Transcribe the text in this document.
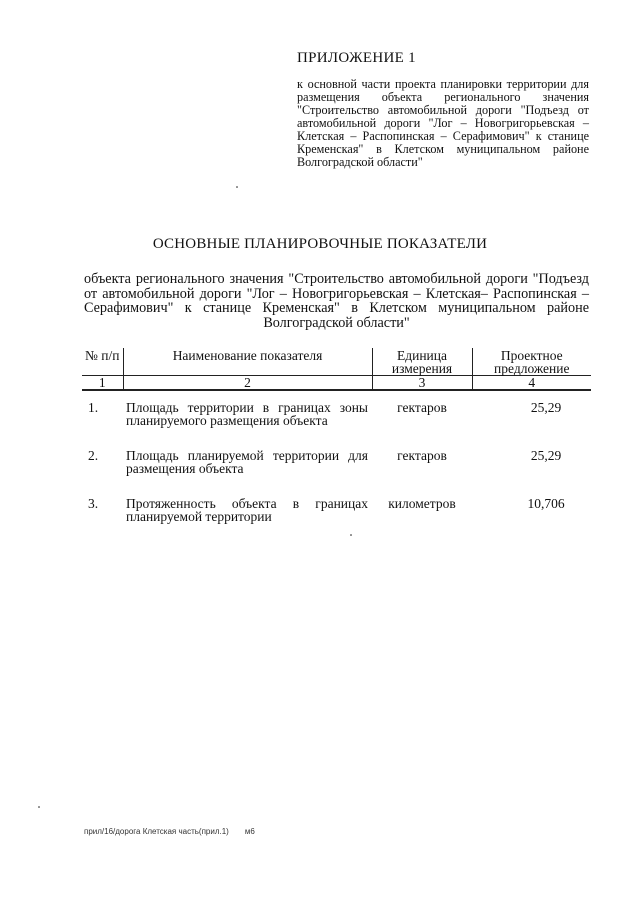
ПРИЛОЖЕНИЕ 1
к основной части проекта планировки территории для размещения объекта регионального значения "Строительство автомобильной дороги "Подъезд от автомобильной дороги "Лог – Новогригорьевская – Клетская – Распопинская – Серафимович" к станице Кременская" в Клетском муниципальном районе Волгоградской области"
ОСНОВНЫЕ ПЛАНИРОВОЧНЫЕ ПОКАЗАТЕЛИ
объекта регионального значения "Строительство автомобильной дороги "Подъезд от автомобильной дороги "Лог – Новогригорьевская – Клетская– Распопинская – Серафимович" к станице Кременская" в Клетском муниципальном районе Волгоградской области"
№ п/п	Наименование показателя	Единица измерения	Проектное предложение
1	2	3	4
1.	Площадь территории в границах зоны планируемого размещения объекта	гектаров	25,29
2.	Площадь планируемой территории для размещения объекта	гектаров	25,29
3.	Протяженность объекта в границах планируемой территории	километров	10,706
прил/16/дорога Клетская часть(прил.1) м6
